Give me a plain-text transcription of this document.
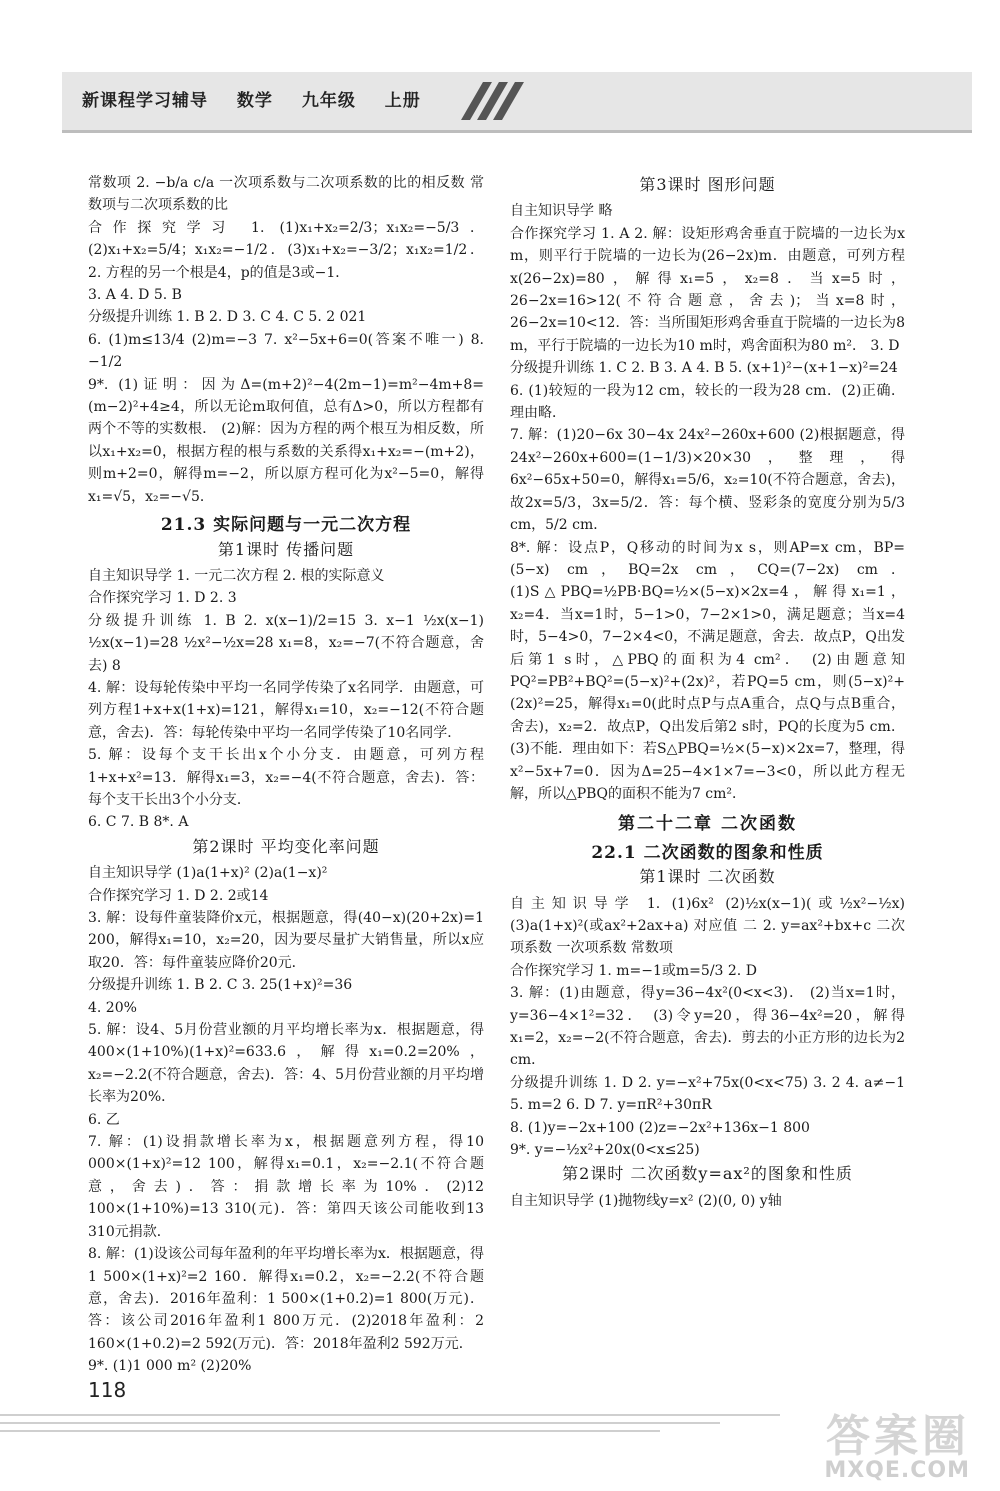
新课程学习辅导 数学 九年级 上册

常数项 2. −b/a c/a 一次项系数与二次项系数的比的相反数 常数项与二次项系数的比

合作探究学习 1. (1)x₁+x₂=2/3；x₁x₂=−5/3．(2)x₁+x₂=5/4；x₁x₂=−1/2．(3)x₁+x₂=−3/2；x₁x₂=1/2． 2. 方程的另一个根是4，p的值是3或−1．

3. A 4. D 5. B

分级提升训练 1. B 2. D 3. C 4. C 5. 2 021

6. (1)m≤13/4 (2)m=−3 7. x²−5x+6=0(答案不唯一) 8. −1/2

9*. (1)证明：因为Δ=(m+2)²−4(2m−1)=m²−4m+8=(m−2)²+4≥4，所以无论m取何值，总有Δ>0，所以方程都有两个不等的实数根． (2)解：因为方程的两个根互为相反数，所以x₁+x₂=0，根据方程的根与系数的关系得x₁+x₂=−(m+2)，则m+2=0，解得m=−2，所以原方程可化为x²−5=0，解得x₁=√5，x₂=−√5．

21.3 实际问题与一元二次方程
第1课时 传播问题

自主知识导学 1. 一元二次方程 2. 根的实际意义

合作探究学习 1. D 2. 3

分级提升训练 1. B 2. x(x−1)/2=15 3. x−1 ½x(x−1) ½x(x−1)=28 ½x²−½x=28 x₁=8，x₂=−7(不符合题意，舍去) 8

4. 解：设每轮传染中平均一名同学传染了x名同学．由题意，可列方程1+x+x(1+x)=121，解得x₁=10，x₂=−12(不符合题意，舍去)．答：每轮传染中平均一名同学传染了10名同学．

5. 解：设每个支干长出x个小分支．由题意，可列方程1+x+x²=13．解得x₁=3，x₂=−4(不符合题意，舍去)．答：每个支干长出3个小分支．

6. C 7. B 8*. A

第2课时 平均变化率问题

自主知识导学 (1)a(1+x)² (2)a(1−x)²

合作探究学习 1. D 2. 2或14

3. 解：设每件童装降价x元，根据题意，得(40−x)(20+2x)=1 200，解得x₁=10，x₂=20，因为要尽量扩大销售量，所以x应取20．答：每件童装应降价20元．

分级提升训练 1. B 2. C 3. 25(1+x)²=36

4. 20%

5. 解：设4、5月份营业额的月平均增长率为x．根据题意，得400×(1+10%)(1+x)²=633.6，解得x₁=0.2=20%，x₂=−2.2(不符合题意，舍去)．答：4、5月份营业额的月平均增长率为20%．

6. 乙

7. 解：(1)设捐款增长率为x，根据题意列方程，得10 000×(1+x)²=12 100，解得x₁=0.1，x₂=−2.1(不符合题意，舍去)．答：捐款增长率为10%．(2)12 100×(1+10%)=13 310(元)．答：第四天该公司能收到13 310元捐款．

8. 解：(1)设该公司每年盈利的年平均增长率为x．根据题意，得1 500×(1+x)²=2 160．解得x₁=0.2，x₂=−2.2(不符合题意，舍去)．2016年盈利：1 500×(1+0.2)=1 800(万元)．答：该公司2016年盈利1 800万元．(2)2018年盈利：2 160×(1+0.2)=2 592(万元)．答：2018年盈利2 592万元．

9*. (1)1 000 m² (2)20%

第3课时 图形问题

自主知识导学 略

合作探究学习 1. A 2. 解：设矩形鸡舍垂直于院墙的一边长为x m，则平行于院墙的一边长为(26−2x)m．由题意，可列方程x(26−2x)=80，解得x₁=5，x₂=8．当x=5时，26−2x=16>12(不符合题意，舍去)；当x=8时，26−2x=10<12．答：当所围矩形鸡舍垂直于院墙的一边长为8 m，平行于院墙的一边长为10 m时，鸡舍面积为80 m²． 3. D

分级提升训练 1. C 2. B 3. A 4. B 5. (x+1)²−(x+1−x)²=24

6. (1)较短的一段为12 cm，较长的一段为28 cm．(2)正确．理由略．

7. 解：(1)20−6x 30−4x 24x²−260x+600 (2)根据题意，得24x²−260x+600=(1−1/3)×20×30，整理，得6x²−65x+50=0，解得x₁=5/6，x₂=10(不符合题意，舍去)，故2x=5/3，3x=5/2．答：每个横、竖彩条的宽度分别为5/3 cm，5/2 cm．

8*. 解：设点P，Q移动的时间为x s，则AP=x cm，BP=(5−x) cm，BQ=2x cm，CQ=(7−2x) cm．(1)S△PBQ=½PB·BQ=½×(5−x)×2x=4，解得x₁=1，x₂=4．当x=1时，5−1>0，7−2×1>0，满足题意；当x=4时，5−4>0，7−2×4<0，不满足题意，舍去．故点P，Q出发后第1 s时，△PBQ的面积为4 cm²． (2)由题意知PQ²=PB²+BQ²=(5−x)²+(2x)²，若PQ=5 cm，则(5−x)²+(2x)²=25，解得x₁=0(此时点P与点A重合，点Q与点B重合，舍去)，x₂=2．故点P，Q出发后第2 s时，PQ的长度为5 cm．(3)不能．理由如下：若S△PBQ=½×(5−x)×2x=7，整理，得x²−5x+7=0．因为Δ=25−4×1×7=−3<0，所以此方程无解，所以△PBQ的面积不能为7 cm²．

第二十二章 二次函数
22.1 二次函数的图象和性质
第1课时 二次函数

自主知识导学 1. (1)6x² (2)½x(x−1)(或½x²−½x) (3)a(1+x)²(或ax²+2ax+a) 对应值 二 2. y=ax²+bx+c 二次项系数 一次项系数 常数项

合作探究学习 1. m=−1或m=5/3 2. D

3. 解：(1)由题意，得y=36−4x²(0<x<3)． (2)当x=1时，y=36−4×1²=32． (3)令y=20，得36−4x²=20，解得x₁=2，x₂=−2(不符合题意，舍去)．剪去的小正方形的边长为2 cm．

分级提升训练 1. D 2. y=−x²+75x(0<x<75) 3. 2 4. a≠−1 5. m=2 6. D 7. y=πR²+30πR

8. (1)y=−2x+100 (2)z=−2x²+136x−1 800

9*. y=−½x²+20x(0<x≤25)

第2课时 二次函数y=ax²的图象和性质

自主知识导学 (1)抛物线y=x² (2)(0, 0) y轴

118
答案圈
MXQE.COM
